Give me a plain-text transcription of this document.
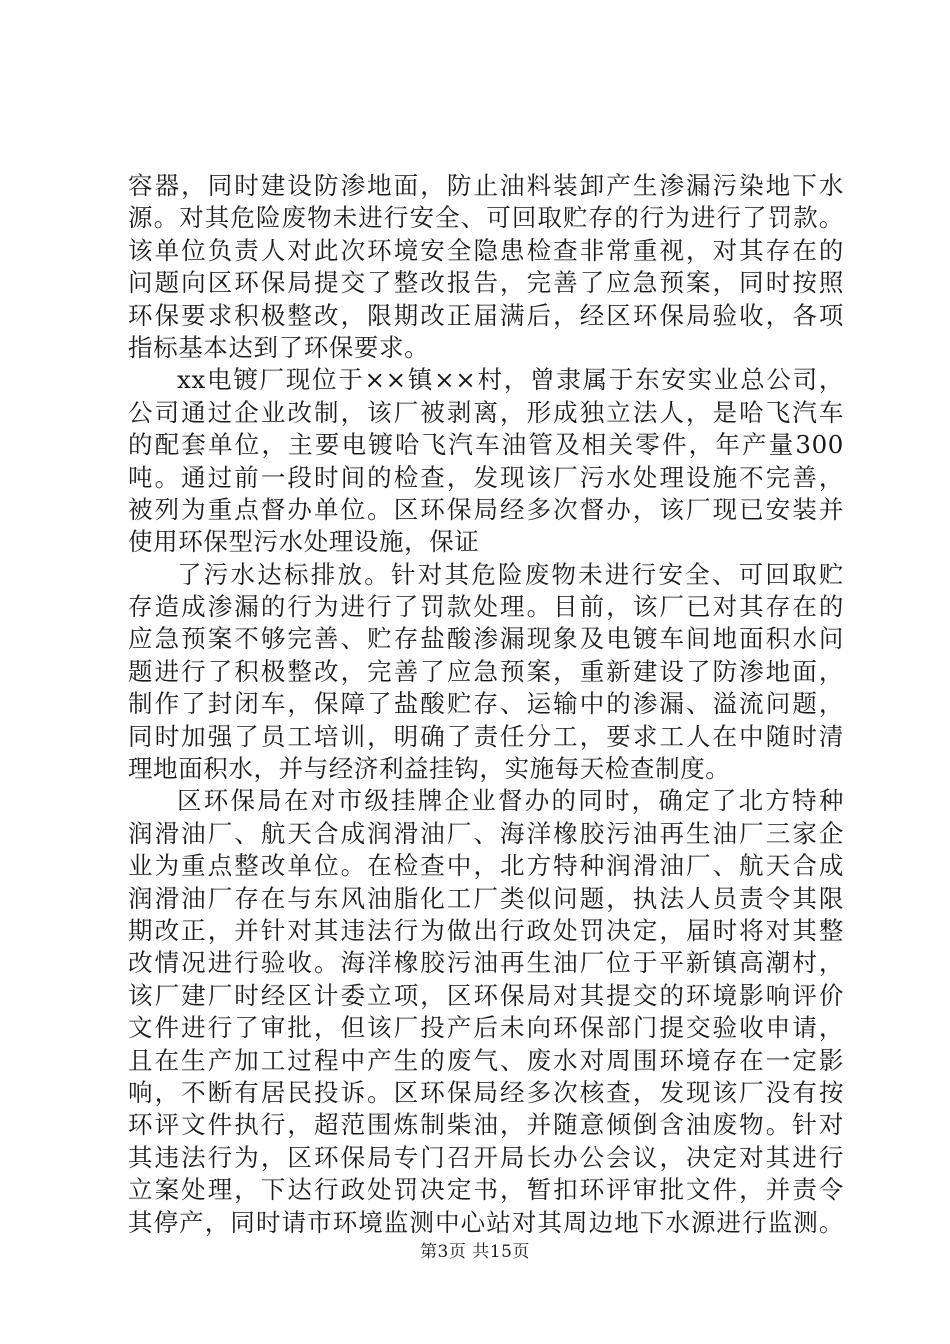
容器，同时建设防渗地面，防止油料装卸产生渗漏污染地下水
源。对其危险废物未进行安全、可回取贮存的行为进行了罚款。
该单位负责人对此次环境安全隐患检查非常重视，对其存在的
问题向区环保局提交了整改报告，完善了应急预案，同时按照
环保要求积极整改，限期改正届满后，经区环保局验收，各项
指标基本达到了环保要求。
xx电镀厂现位于××镇××村，曾隶属于东安实业总公司，
公司通过企业改制，该厂被剥离，形成独立法人，是哈飞汽车
的配套单位，主要电镀哈飞汽车油管及相关零件，年产量300
吨。通过前一段时间的检查，发现该厂污水处理设施不完善，
被列为重点督办单位。区环保局经多次督办，该厂现已安装并
使用环保型污水处理设施，保证
了污水达标排放。针对其危险废物未进行安全、可回取贮
存造成渗漏的行为进行了罚款处理。目前，该厂已对其存在的
应急预案不够完善、贮存盐酸渗漏现象及电镀车间地面积水问
题进行了积极整改，完善了应急预案，重新建设了防渗地面，
制作了封闭车，保障了盐酸贮存、运输中的渗漏、溢流问题，
同时加强了员工培训，明确了责任分工，要求工人在中随时清
理地面积水，并与经济利益挂钩，实施每天检查制度。
区环保局在对市级挂牌企业督办的同时，确定了北方特种
润滑油厂、航天合成润滑油厂、海洋橡胶污油再生油厂三家企
业为重点整改单位。在检查中，北方特种润滑油厂、航天合成
润滑油厂存在与东风油脂化工厂类似问题，执法人员责令其限
期改正，并针对其违法行为做出行政处罚决定，届时将对其整
改情况进行验收。海洋橡胶污油再生油厂位于平新镇高潮村，
该厂建厂时经区计委立项，区环保局对其提交的环境影响评价
文件进行了审批，但该厂投产后未向环保部门提交验收申请，
且在生产加工过程中产生的废气、废水对周围环境存在一定影
响，不断有居民投诉。区环保局经多次核查，发现该厂没有按
环评文件执行，超范围炼制柴油，并随意倾倒含油废物。针对
其违法行为，区环保局专门召开局长办公会议，决定对其进行
立案处理，下达行政处罚决定书，暂扣环评审批文件，并责令
其停产，同时请市环境监测中心站对其周边地下水源进行监测。
第3页 共15页
